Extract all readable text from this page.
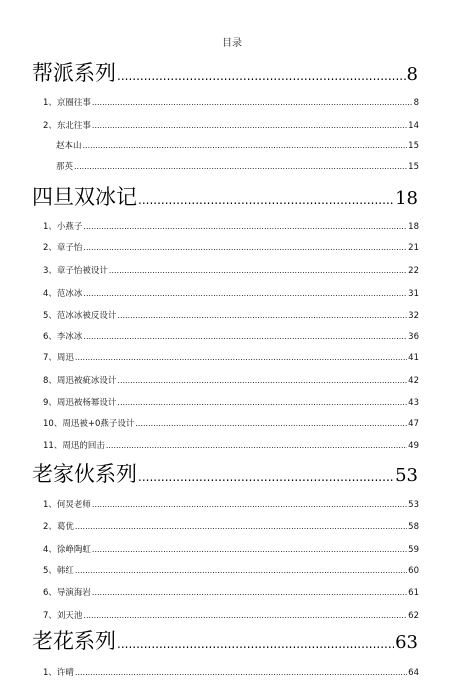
目录
帮派系列 .....	8
1、京圈往事 .....	8
2、东北往事 .....	14
赵本山 .....	15
那英 .....	15
四旦双冰记 .....	18
1、小燕子 .....	18
2、章子怡 .....	21
3、章子怡被设计 .....	22
4、范冰冰 .....	31
5、范冰冰被反设计 .....	32
6、李冰冰 .....	36
7、周迅 .....	41
8、周迅被疵冰设计 .....	42
9、周迅被杨幂设计 .....	43
10、周迅被+0燕子设计 .....	47
11、周迅的回击 .....	49
老家伙系列 .....	53
1、何炅老师 .....	53
2、葛优 .....	58
4、徐峥陶虹 .....	59
5、韩红 .....	60
6、导演海岩 .....	61
7、刘天池 .....	62
老花系列 .....	63
1、许晴 .....	64
